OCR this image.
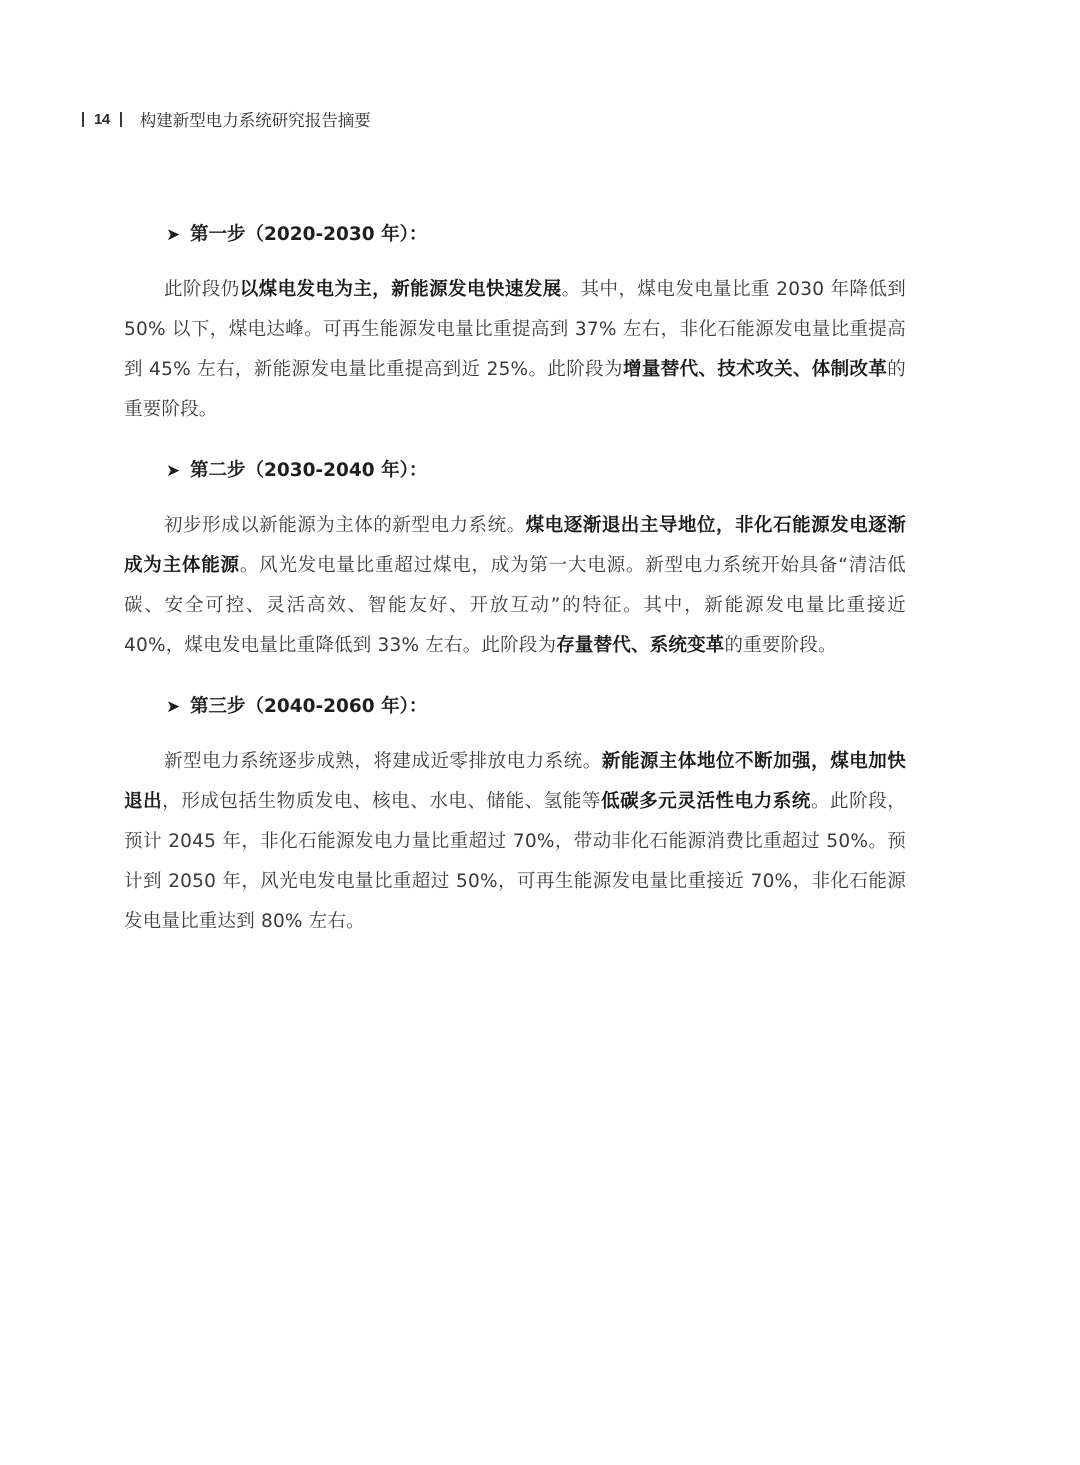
14 构建新型电力系统研究报告摘要
➤ 第一步（2020-2030 年）：

此阶段仍以煤电发电为主，新能源发电快速发展。其中，煤电发电量比重 2030 年降低到 50% 以下，煤电达峰。可再生能源发电量比重提高到 37% 左右，非化石能源发电量比重提高到 45% 左右，新能源发电量比重提高到近 25%。此阶段为增量替代、技术攻关、体制改革的重要阶段。

➤ 第二步（2030-2040 年）：

初步形成以新能源为主体的新型电力系统。煤电逐渐退出主导地位，非化石能源发电逐渐成为主体能源。风光发电量比重超过煤电，成为第一大电源。新型电力系统开始具备“清洁低碳、安全可控、灵活高效、智能友好、开放互动”的特征。其中，新能源发电量比重接近 40%，煤电发电量比重降低到 33% 左右。此阶段为存量替代、系统变革的重要阶段。

➤ 第三步（2040-2060 年）：

新型电力系统逐步成熟，将建成近零排放电力系统。新能源主体地位不断加强，煤电加快退出，形成包括生物质发电、核电、水电、储能、氢能等低碳多元灵活性电力系统。此阶段，预计 2045 年，非化石能源发电力量比重超过 70%，带动非化石能源消费比重超过 50%。预计到 2050 年，风光电发电量比重超过 50%，可再生能源发电量比重接近 70%，非化石能源发电量比重达到 80% 左右。
